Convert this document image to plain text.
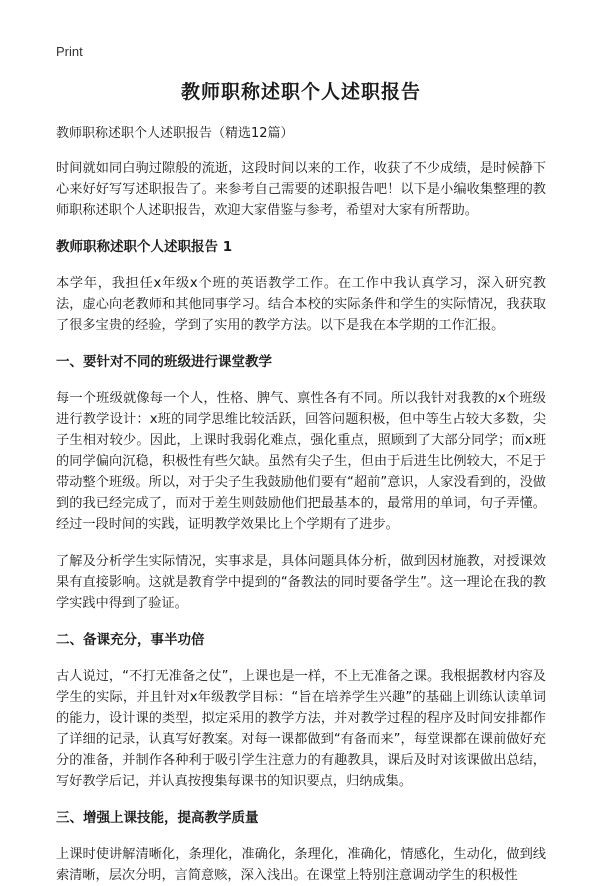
Print
教师职称述职个人述职报告
教师职称述职个人述职报告（精选12篇）

时间就如同白驹过隙般的流逝，这段时间以来的工作，收获了不少成绩，是时候静下心来好好写写述职报告了。来参考自己需要的述职报告吧！以下是小编收集整理的教师职称述职个人述职报告，欢迎大家借鉴与参考，希望对大家有所帮助。

教师职称述职个人述职报告 1

本学年，我担任x年级x个班的英语教学工作。在工作中我认真学习，深入研究教法，虚心向老教师和其他同事学习。结合本校的实际条件和学生的实际情况，我获取了很多宝贵的经验，学到了实用的教学方法。以下是我在本学期的工作汇报。

一、要针对不同的班级进行课堂教学

每一个班级就像每一个人，性格、脾气、禀性各有不同。所以我针对我教的x个班级进行教学设计：x班的同学思维比较活跃，回答问题积极，但中等生占较大多数，尖子生相对较少。因此，上课时我弱化难点，强化重点，照顾到了大部分同学；而x班的同学偏向沉稳，积极性有些欠缺。虽然有尖子生，但由于后进生比例较大，不足于带动整个班级。所以，对于尖子生我鼓励他们要有“超前”意识，人家没看到的，没做到的我已经完成了，而对于差生则鼓励他们把最基本的，最常用的单词，句子弄懂。经过一段时间的实践，证明教学效果比上个学期有了进步。

了解及分析学生实际情况，实事求是，具体问题具体分析，做到因材施教，对授课效果有直接影响。这就是教育学中提到的“备教法的同时要备学生”。这一理论在我的教学实践中得到了验证。

二、备课充分，事半功倍

古人说过，“不打无准备之仗”，上课也是一样，不上无准备之课。我根据教材内容及学生的实际，并且针对x年级教学目标：“旨在培养学生兴趣”的基础上训练认读单词的能力，设计课的类型，拟定采用的教学方法，并对教学过程的程序及时间安排都作了详细的记录，认真写好教案。对每一课都做到“有备而来”，每堂课都在课前做好充分的准备，并制作各种利于吸引学生注意力的有趣教具，课后及时对该课做出总结，写好教学后记，并认真按搜集每课书的知识要点，归纳成集。

三、增强上课技能，提高教学质量

上课时使讲解清晰化，条理化，准确化，条理化，准确化，情感化，生动化，做到线索清晰，层次分明，言简意赅，深入浅出。在课堂上特别注意调动学生的积极性
